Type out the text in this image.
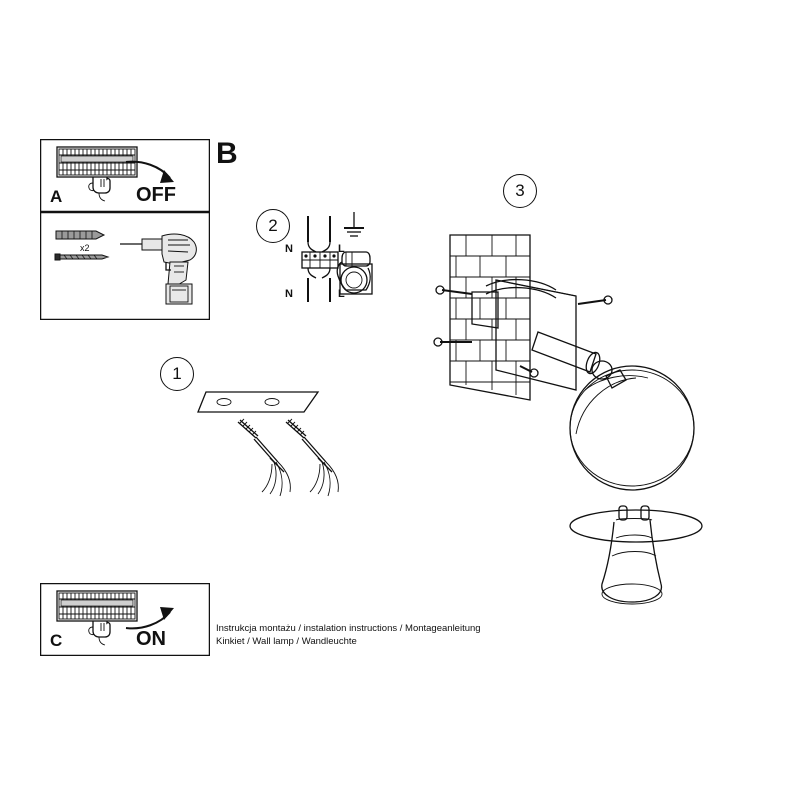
A	OFF
x2
C	ON
B
2
N	L
N	L
1
3
Instrukcja montażu / instalation instructions / Montageanleitung
Kinkiet / Wall lamp / Wandleuchte
